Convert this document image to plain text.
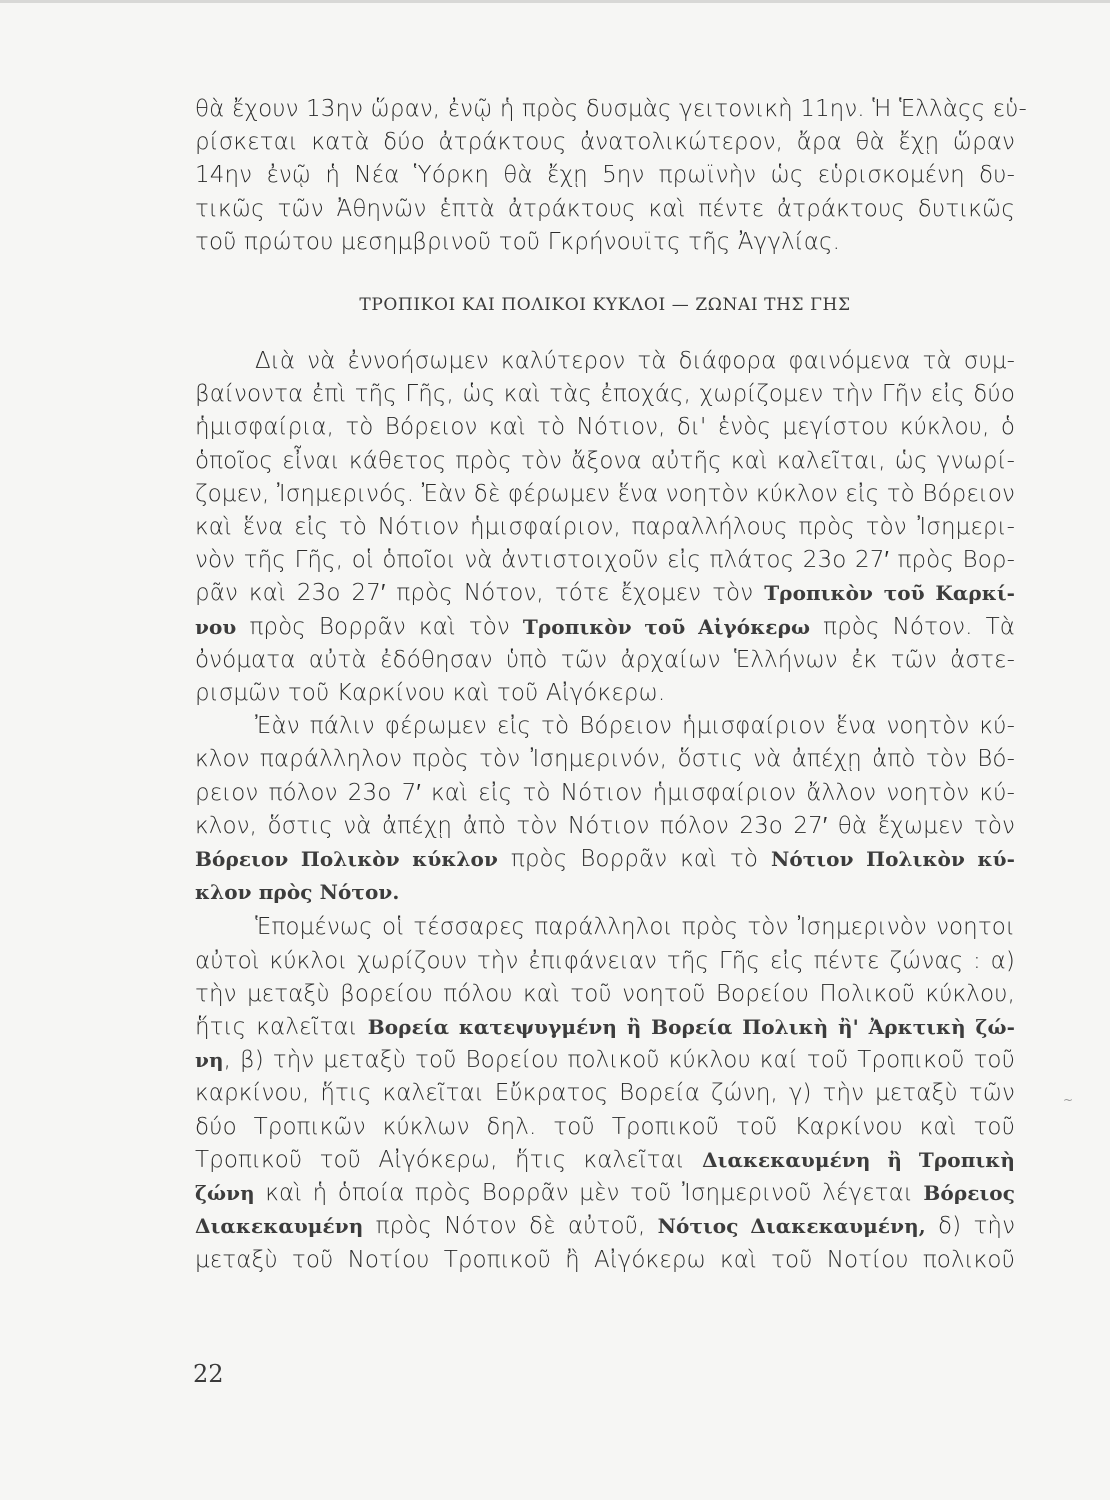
θὰ ἔχουν 13ην ὥραν, ἐνῷ ἡ πρὸς δυσμὰς γειτονικὴ 11ην. Ἡ Ἑλλὰςς εὑ-
ρίσκεται κατὰ δύο ἀτράκτους ἀνατολικώτερον, ἄρα θὰ ἔχῃ ὥραν
14ην ἐνῷ ἡ Νέα Ὑόρκη θὰ ἔχῃ 5ην πρωϊνὴν ὡς εὑρισκομένη δυ-
τικῶς τῶν Ἀθηνῶν ἑπτὰ ἀτράκτους καὶ πέντε ἀτράκτους δυτικῶς
τοῦ πρώτου μεσημβρινοῦ τοῦ Γκρήνουϊτς τῆς Ἀγγλίας.

ΤΡΟΠΙΚΟΙ ΚΑΙ ΠΟΛΙΚΟΙ ΚΥΚΛΟΙ — ΖΩΝΑΙ ΤΗΣ ΓΗΣ

Διὰ νὰ ἐννοήσωμεν καλύτερον τὰ διάφορα φαινόμενα τὰ συμ-
βαίνοντα ἐπὶ τῆς Γῆς, ὡς καὶ τὰς ἐποχάς, χωρίζομεν τὴν Γῆν εἰς δύο
ἡμισφαίρια, τὸ Βόρειον καὶ τὸ Νότιον, δι' ἑνὸς μεγίστου κύκλου, ὁ
ὁποῖος εἶναι κάθετος πρὸς τὸν ἄξονα αὐτῆς καὶ καλεῖται, ὡς γνωρί-
ζομεν, Ἰσημερινός. Ἐὰν δὲ φέρωμεν ἕνα νοητὸν κύκλον εἰς τὸ Βόρειον
καὶ ἕνα εἰς τὸ Νότιον ἡμισφαίριον, παραλλήλους πρὸς τὸν Ἰσημερι-
νὸν τῆς Γῆς, οἱ ὁποῖοι νὰ ἀντιστοιχοῦν εἰς πλάτος 23ο 27′ πρὸς Βορ-
ρᾶν καὶ 23ο 27′ πρὸς Νότον, τότε ἔχομεν τὸν Τροπικὸν τοῦ Καρκί-
νου πρὸς Βορρᾶν καὶ τὸν Τροπικὸν τοῦ Αἰγόκερω πρὸς Νότον. Τὰ
ὀνόματα αὐτὰ ἐδόθησαν ὑπὸ τῶν ἀρχαίων Ἑλλήνων ἐκ τῶν ἀστε-
ρισμῶν τοῦ Καρκίνου καὶ τοῦ Αἰγόκερω.

Ἐὰν πάλιν φέρωμεν εἰς τὸ Βόρειον ἡμισφαίριον ἕνα νοητὸν κύ-
κλον παράλληλον πρὸς τὸν Ἰσημερινόν, ὅστις νὰ ἀπέχῃ ἀπὸ τὸν Βό-
ρειον πόλον 23ο 7′ καὶ εἰς τὸ Νότιον ἡμισφαίριον ἄλλον νοητὸν κύ-
κλον, ὅστις νὰ ἀπέχῃ ἀπὸ τὸν Νότιον πόλον 23ο 27′ θὰ ἔχωμεν τὸν
Βόρειον Πολικὸν κύκλον πρὸς Βορρᾶν καὶ τὸ Νότιον Πολικὸν κύ-
κλον πρὸς Νότον.

Ἑπομένως οἱ τέσσαρες παράλληλοι πρὸς τὸν Ἰσημερινὸν νοητοι
αὐτοὶ κύκλοι χωρίζουν τὴν ἐπιφάνειαν τῆς Γῆς εἰς πέντε ζώνας : α)
τὴν μεταξὺ βορείου πόλου καὶ τοῦ νοητοῦ Βορείου Πολικοῦ κύκλου,
ἥτις καλεῖται Βορεία κατεψυγμένη ἢ Βορεία Πολικὴ ἢ' Ἀρκτικὴ ζώ-
νη, β) τὴν μεταξὺ τοῦ Βορείου πολικοῦ κύκλου καί τοῦ Τροπικοῦ τοῦ
καρκίνου, ἥτις καλεῖται Εὔκρατος Βορεία ζώνη, γ) τὴν μεταξὺ τῶν
δύο Τροπικῶν κύκλων δηλ. τοῦ Τροπικοῦ τοῦ Καρκίνου καὶ τοῦ
Τροπικοῦ τοῦ Αἰγόκερω, ἥτις καλεῖται Διακεκαυμένη ἢ Τροπικὴ
ζώνη καὶ ἡ ὁποία πρὸς Βορρᾶν μὲν τοῦ Ἰσημερινοῦ λέγεται Βόρειος
Διακεκαυμένη πρὸς Νότον δὲ αὐτοῦ, Νότιος Διακεκαυμένη, δ) τὴν
μεταξὺ τοῦ Νοτίου Τροπικοῦ ἢ Αἰγόκερω καὶ τοῦ Νοτίου πολικοῦ

~
22
